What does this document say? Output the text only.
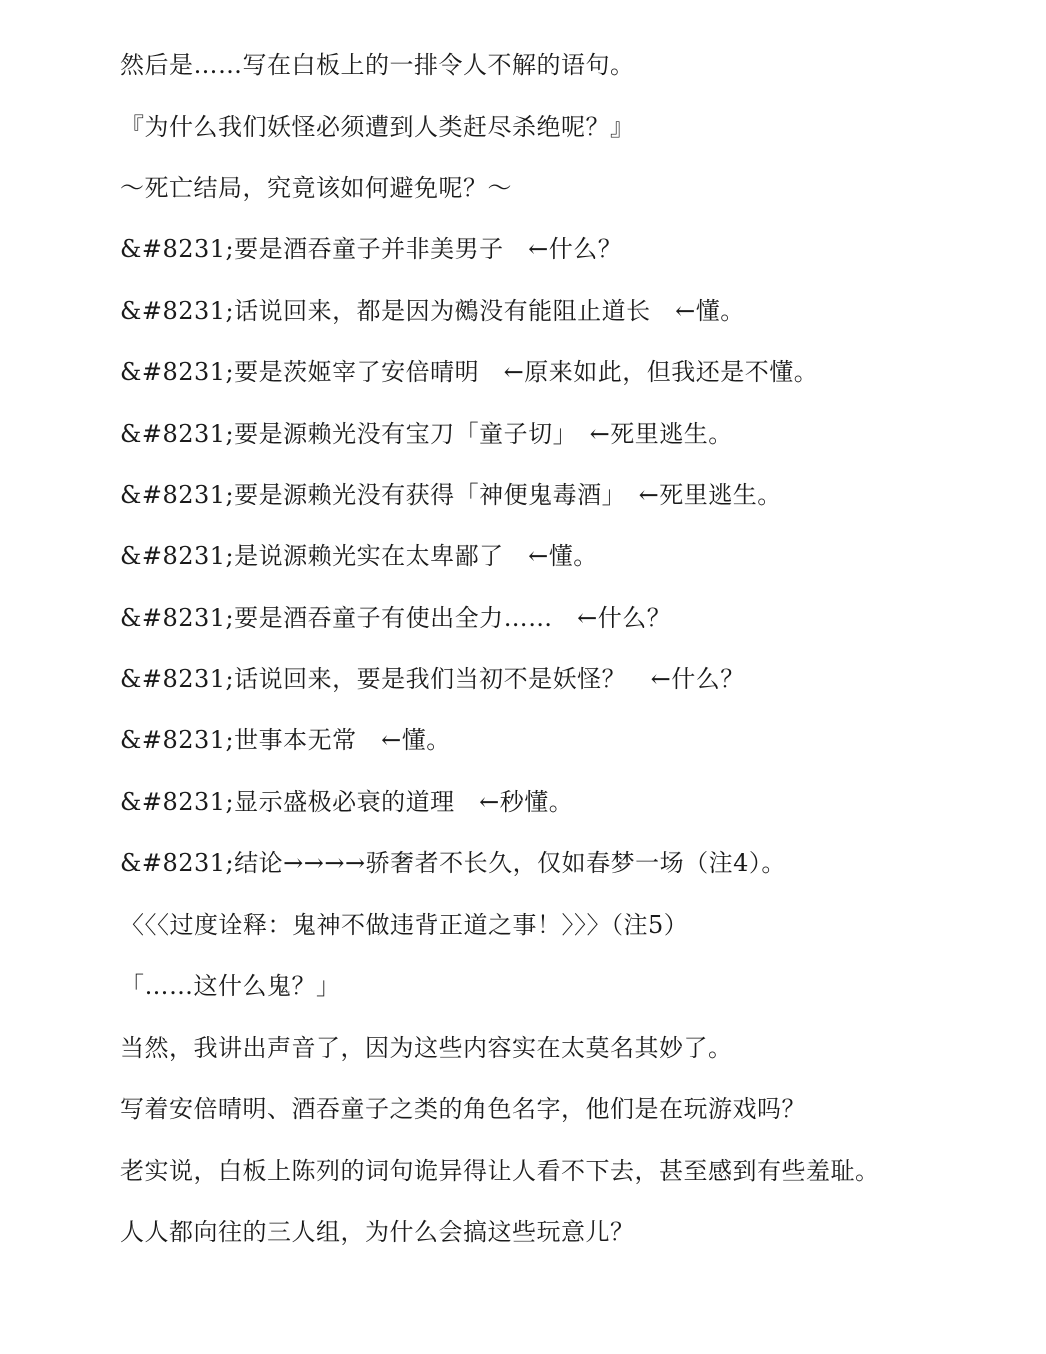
然后是……写在白板上的一排令人不解的语句。

『为什么我们妖怪必须遭到人类赶尽杀绝呢？』

～死亡结局，究竟该如何避免呢？～

&#8231;要是酒吞童子并非美男子　←什么？

&#8231;话说回来，都是因为鵺没有能阻止道长　←懂。

&#8231;要是茨姬宰了安倍晴明　←原来如此，但我还是不懂。

&#8231;要是源赖光没有宝刀「童子切」　←死里逃生。

&#8231;要是源赖光没有获得「神便鬼毒酒」　←死里逃生。

&#8231;是说源赖光实在太卑鄙了　←懂。

&#8231;要是酒吞童子有使出全力……　←什么？

&#8231;话说回来，要是我们当初不是妖怪？　←什么？

&#8231;世事本无常　←懂。

&#8231;显示盛极必衰的道理　←秒懂。

&#8231;结论→→→→骄奢者不长久，仅如春梦一场（注4）。

〈〈〈过度诠释：鬼神不做违背正道之事！〉〉〉（注5）

「……这什么鬼？」

当然，我讲出声音了，因为这些内容实在太莫名其妙了。

写着安倍晴明、酒吞童子之类的角色名字，他们是在玩游戏吗？

老实说，白板上陈列的词句诡异得让人看不下去，甚至感到有些羞耻。

人人都向往的三人组，为什么会搞这些玩意儿？
